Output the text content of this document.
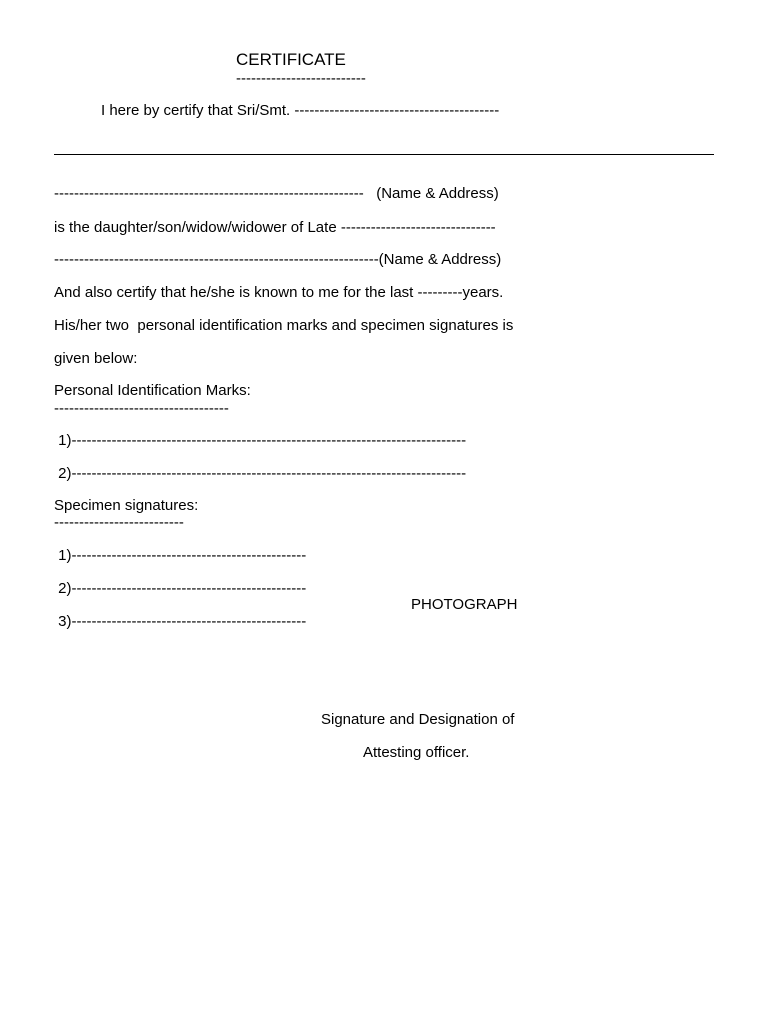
CERTIFICATE
--------------------------
I here by certify that Sri/Smt. -----------------------------------------
--------------------------------------------------------------   (Name & Address)
is the daughter/son/widow/widower of Late -------------------------------
-----------------------------------------------------------------(Name & Address)
And also certify that he/she is known to me for the last ---------years.
His/her two  personal identification marks and specimen signatures is
given below:
Personal Identification Marks:
-----------------------------------
1)-------------------------------------------------------------------------------
2)-------------------------------------------------------------------------------
Specimen signatures:
--------------------------
1)-----------------------------------------------
2)-----------------------------------------------
3)-----------------------------------------------
PHOTOGRAPH
Signature and Designation of
Attesting officer.
